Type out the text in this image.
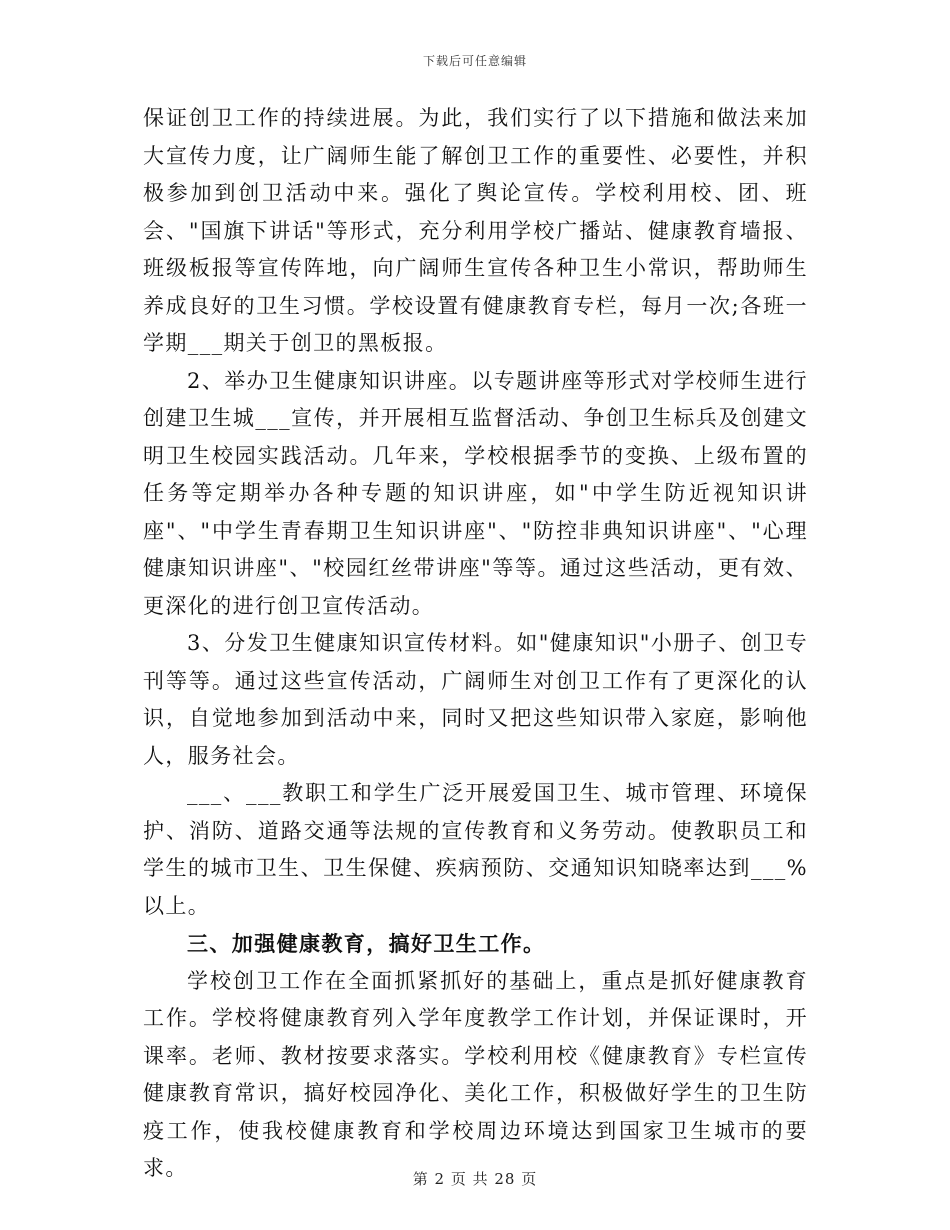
下载后可任意编辑

保证创卫工作的持续进展。为此，我们实行了以下措施和做法来加大宣传力度，让广阔师生能了解创卫工作的重要性、必要性，并积极参加到创卫活动中来。强化了舆论宣传。学校利用校、团、班会、"国旗下讲话"等形式，充分利用学校广播站、健康教育墙报、班级板报等宣传阵地，向广阔师生宣传各种卫生小常识，帮助师生养成良好的卫生习惯。学校设置有健康教育专栏，每月一次;各班一学期___期关于创卫的黑板报。

2、举办卫生健康知识讲座。以专题讲座等形式对学校师生进行创建卫生城___宣传，并开展相互监督活动、争创卫生标兵及创建文明卫生校园实践活动。几年来，学校根据季节的变换、上级布置的任务等定期举办各种专题的知识讲座，如"中学生防近视知识讲座"、"中学生青春期卫生知识讲座"、"防控非典知识讲座"、"心理健康知识讲座"、"校园红丝带讲座"等等。通过这些活动，更有效、更深化的进行创卫宣传活动。

3、分发卫生健康知识宣传材料。如"健康知识"小册子、创卫专刊等等。通过这些宣传活动，广阔师生对创卫工作有了更深化的认识，自觉地参加到活动中来，同时又把这些知识带入家庭，影响他人，服务社会。

___、___教职工和学生广泛开展爱国卫生、城市管理、环境保护、消防、道路交通等法规的宣传教育和义务劳动。使教职员工和学生的城市卫生、卫生保健、疾病预防、交通知识知晓率达到___%以上。

三、加强健康教育，搞好卫生工作。

学校创卫工作在全面抓紧抓好的基础上，重点是抓好健康教育工作。学校将健康教育列入学年度教学工作计划，并保证课时，开课率。老师、教材按要求落实。学校利用校《健康教育》专栏宣传健康教育常识，搞好校园净化、美化工作，积极做好学生的卫生防疫工作，使我校健康教育和学校周边环境达到国家卫生城市的要求。	第 2 页 共 28 页
